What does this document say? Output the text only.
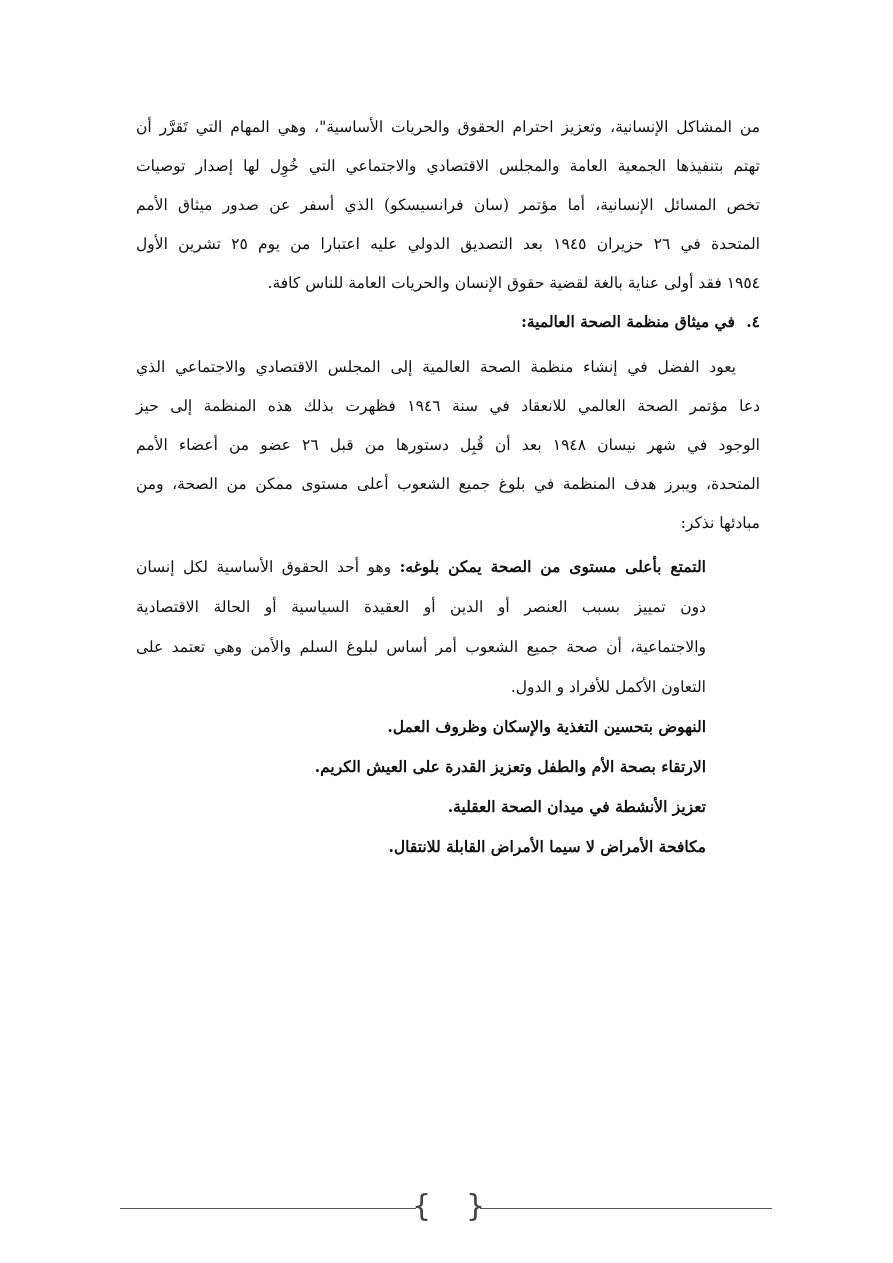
من المشاكل الإنسانية، وتعزيز احترام الحقوق والحريات الأساسية"، وهي المهام التي تَقرَّر أن
تهتم بتنفيذها الجمعية العامة والمجلس الاقتصادي والاجتماعي التي خُوِل لها إصدار توصيات
تخص المسائل الإنسانية، أما مؤتمر (سان فرانسيسكو) الذي أسفر عن صدور ميثاق الأمم
المتحدة في ٢٦ حزيران ١٩٤٥ بعد التصديق الدولي عليه اعتبارا من يوم ٢٥ تشرين الأول
١٩٥٤ فقد أولى عناية بالغة لقضية حقوق الإنسان والحريات العامة للناس كافة.
٤. في ميثاق منظمة الصحة العالمية:
يعود الفضل في إنشاء منظمة الصحة العالمية إلى المجلس الاقتصادي والاجتماعي الذي
دعا مؤتمر الصحة العالمي للانعقاد في سنة ١٩٤٦ فظهرت بذلك هذه المنظمة إلى حيز
الوجود في شهر نيسان ١٩٤٨ بعد أن قُبِل دستورها من قبل ٢٦ عضو من أعضاء الأمم
المتحدة، ويبرز هدف المنظمة في بلوغ جميع الشعوب أعلى مستوى ممكن من الصحة، ومن
مبادئها نذكر:
التمتع بأعلى مستوى من الصحة يمكن بلوغه: وهو أحد الحقوق الأساسية لكل إنسان
دون تمييز بسبب العنصر أو الدين أو العقيدة السياسية أو الحالة الاقتصادية
والاجتماعية، أن صحة جميع الشعوب أمر أساس لبلوغ السلم والأمن وهي تعتمد على
التعاون الأكمل للأفراد و الدول.
النهوض بتحسين التغذية والإسكان وظروف العمل.
الارتقاء بصحة الأم والطفل وتعزيز القدرة على العيش الكريم.
تعزيز الأنشطة في ميدان الصحة العقلية.
مكافحة الأمراض لا سيما الأمراض القابلة للانتقال.
{ }
